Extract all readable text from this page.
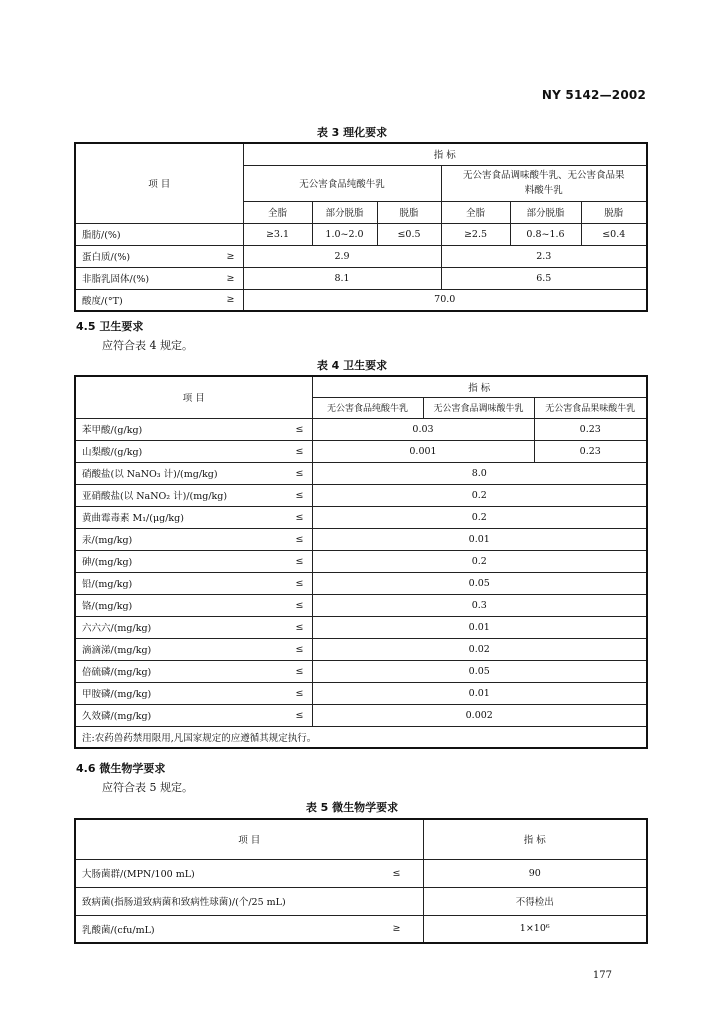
NY 5142—2002
表 3 理化要求
项 目	指 标					
	无公害食品纯酸牛乳			无公害食品调味酸牛乳、无公害食品果料酸牛乳		
	全脂	部分脱脂	脱脂	全脂	部分脱脂	脱脂
脂肪/(%)	≥3.1	1.0~2.0	≤0.5	≥2.5	0.8~1.6	≤0.4

蛋白质/(%) ≥	2.9			2.3		

非脂乳固体/(%) ≥	8.1			6.5		

酸度/(°T) ≥	70.0					
4.5 卫生要求
应符合表 4 规定。
表 4 卫生要求
项 目	指 标		
	无公害食品纯酸牛乳	无公害食品调味酸牛乳	无公害食品果味酸牛乳

苯甲酸/(g/kg) ≤	0.03		0.23

山梨酸/(g/kg) ≤	0.001		0.23

硝酸盐(以 NaNO₃ 计)/(mg/kg) ≤	8.0		

亚硝酸盐(以 NaNO₂ 计)/(mg/kg) ≤	0.2		

黄曲霉毒素 M₁/(μg/kg) ≤	0.2		

汞/(mg/kg) ≤	0.01		

砷/(mg/kg) ≤	0.2		

铅/(mg/kg) ≤	0.05		

铬/(mg/kg) ≤	0.3		

六六六/(mg/kg) ≤	0.01		

滴滴涕/(mg/kg) ≤	0.02		

倍硫磷/(mg/kg) ≤	0.05		

甲胺磷/(mg/kg) ≤	0.01		

久效磷/(mg/kg) ≤	0.002		
注:农药兽药禁用限用,凡国家规定的应遵循其规定执行。			
4.6 微生物学要求
应符合表 5 规定。
表 5 微生物学要求
项 目	指 标

大肠菌群/(MPN/100 mL) ≤	90

致病菌(指肠道致病菌和致病性球菌)/(个/25 mL)	不得检出

乳酸菌/(cfu/mL) ≥	1×10⁶
177
